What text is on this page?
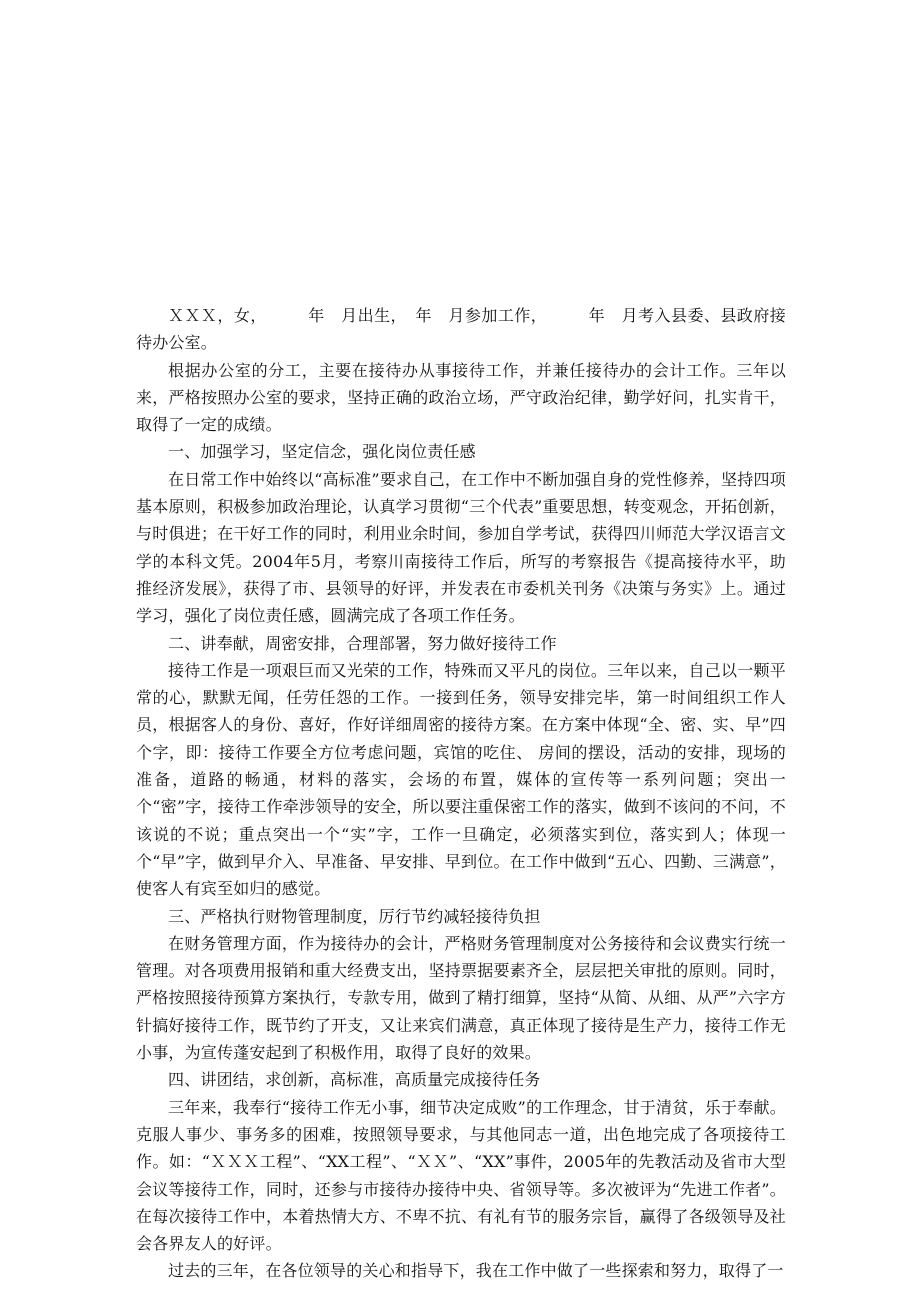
ＸＸＸ，女，　　　年　月出生，　年　月参加工作，　　　年　月考入县委、县政府接待办公室。

根据办公室的分工，主要在接待办从事接待工作，并兼任接待办的会计工作。三年以来，严格按照办公室的要求，坚持正确的政治立场，严守政治纪律，勤学好问，扎实肯干，取得了一定的成绩。

一、加强学习，坚定信念，强化岗位责任感

在日常工作中始终以“高标准”要求自己，在工作中不断加强自身的党性修养，坚持四项基本原则，积极参加政治理论，认真学习贯彻“三个代表”重要思想，转变观念，开拓创新，与时俱进；在干好工作的同时，利用业余时间，参加自学考试，获得四川师范大学汉语言文学的本科文凭。2004年5月，考察川南接待工作后，所写的考察报告《提高接待水平，助推经济发展》，获得了市、县领导的好评，并发表在市委机关刊务《决策与务实》上。通过学习，强化了岗位责任感，圆满完成了各项工作任务。

二、讲奉献，周密安排，合理部署，努力做好接待工作

接待工作是一项艰巨而又光荣的工作，特殊而又平凡的岗位。三年以来，自己以一颗平常的心，默默无闻，任劳任怨的工作。一接到任务，领导安排完毕，第一时间组织工作人员，根据客人的身份、喜好，作好详细周密的接待方案。在方案中体现“全、密、实、早”四个字，即：接待工作要全方位考虑问题，宾馆的吃住、 房间的摆设，活动的安排，现场的准备，道路的畅通，材料的落实，会场的布置，媒体的宣传等一系列问题；突出一个“密”字，接待工作牵涉领导的安全，所以要注重保密工作的落实，做到不该问的不问，不该说的不说；重点突出一个“实”字，工作一旦确定，必须落实到位，落实到人；体现一个“早”字，做到早介入、早准备、早安排、早到位。在工作中做到“五心、四勤、三满意”，使客人有宾至如归的感觉。

三、严格执行财物管理制度，厉行节约减轻接待负担

在财务管理方面，作为接待办的会计，严格财务管理制度对公务接待和会议费实行统一管理。对各项费用报销和重大经费支出，坚持票据要素齐全，层层把关审批的原则。同时，严格按照接待预算方案执行，专款专用，做到了精打细算，坚持“从简、从细、从严”六字方针搞好接待工作，既节约了开支，又让来宾们满意，真正体现了接待是生产力，接待工作无小事，为宣传蓬安起到了积极作用，取得了良好的效果。

四、讲团结，求创新，高标准，高质量完成接待任务

三年来，我奉行“接待工作无小事，细节决定成败”的工作理念，甘于清贫，乐于奉献。克服人事少、事务多的困难，按照领导要求，与其他同志一道，出色地完成了各项接待工作。如：“ＸＸＸ工程”、“XX工程”、“ＸＸ”、“XX”事件，2005年的先教活动及省市大型会议等接待工作，同时，还参与市接待办接待中央、省领导等。多次被评为“先进工作者”。在每次接待工作中，本着热情大方、不卑不抗、有礼有节的服务宗旨，赢得了各级领导及社会各界友人的好评。

过去的三年，在各位领导的关心和指导下，我在工作中做了一些探索和努力，取得了一
